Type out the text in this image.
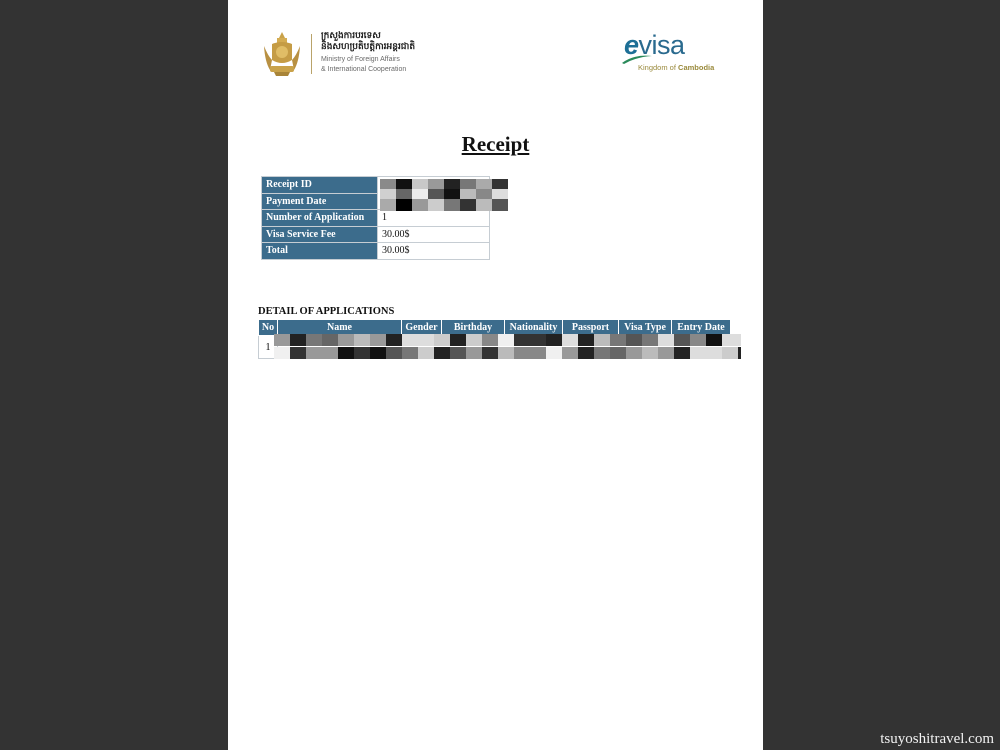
ក្រសួងការបរទេស
និងសហប្រតិបត្តិការអន្តរជាតិ
Ministry of Foreign Affairs
& International Cooperation
evisa
Kingdom of Cambodia
Receipt
Receipt ID	

Payment Date	
Number of Application	1
Visa Service Fee	30.00$
Total	30.00$
DETAIL OF APPLICATIONS
No	Name	Gender	Birthday	Nationality	Passport	Visa Type	Entry Date
1							
tsuyoshitravel.com
